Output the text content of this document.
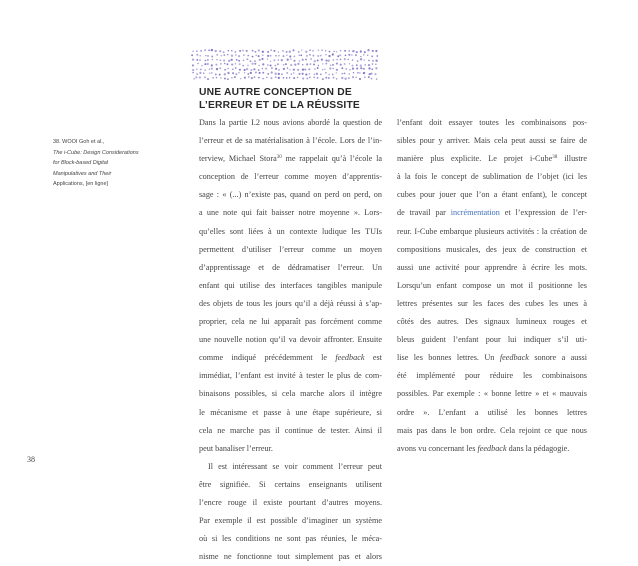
UNE AUTRE CONCEPTION DE
L’ERREUR ET DE LA RÉUSSITE
38. WOOI Goh et al.,
The i-Cube: Design Considerations
for Block-based Digital
Manipulatives and Their
Applications, [en ligne]
Dans la partie I.2 nous avions abordé la question de
l’erreur et de sa matérialisation à l’école. Lors de l’in-
terview, Michael Stora$^{30}$ me rappelait qu’à l’école la
conception de l’erreur comme moyen d’apprentis-
sage : « (...) n’existe pas, quand on perd on perd, on
a une note qui fait baisser notre moyenne ». Lors-
qu’elles sont liées à un contexte ludique les TUIs
permettent d’utiliser l’erreur comme un moyen
d’apprentissage et de dédramatiser l’erreur. Un
enfant qui utilise des interfaces tangibles manipule
des objets de tous les jours qu’il a déjà réussi à s’ap-
proprier, cela ne lui apparaît pas forcément comme
une nouvelle notion qu’il va devoir affronter. Ensuite
comme indiqué précédemment le feedback est
immédiat, l’enfant est invité à tester le plus de com-
binaisons possibles, si cela marche alors il intègre
le mécanisme et passe à une étape supérieure, si
cela ne marche pas il continue de tester. Ainsi il
peut banaliser l’erreur.
Il est intéressant se voir comment l’erreur peut
être signifiée. Si certains enseignants utilisent
l’encre rouge il existe pourtant d’autres moyens.
Par exemple il est possible d’imaginer un système
où si les conditions ne sont pas réunies, le méca-
nisme ne fonctionne tout simplement pas et alors
l’enfant doit essayer toutes les combinaisons pos-
sibles pour y arriver. Mais cela peut aussi se faire de
manière plus explicite. Le projet i-Cube$^{38}$ illustre
à la fois le concept de sublimation de l’objet (ici les
cubes pour jouer que l’on a étant enfant), le concept
de travail par incrémentation et l’expression de l’er-
reur. I-Cube embarque plusieurs activités : la création de
compositions musicales, des jeux de construction et
aussi une activité pour apprendre à écrire les mots.
Lorsqu’un enfant compose un mot il positionne les
lettres présentes sur les faces des cubes les unes à
côtés des autres. Des signaux lumineux rouges et
bleus guident l’enfant pour lui indiquer s’il uti-
lise les bonnes lettres. Un feedback sonore a aussi
été implémenté pour réduire les combinaisons
possibles. Par exemple : « bonne lettre » et « mauvais
ordre ». L’enfant a utilisé les bonnes lettres
mais pas dans le bon ordre. Cela rejoint ce que nous
avons vu concernant les feedback dans la pédagogie.
38
